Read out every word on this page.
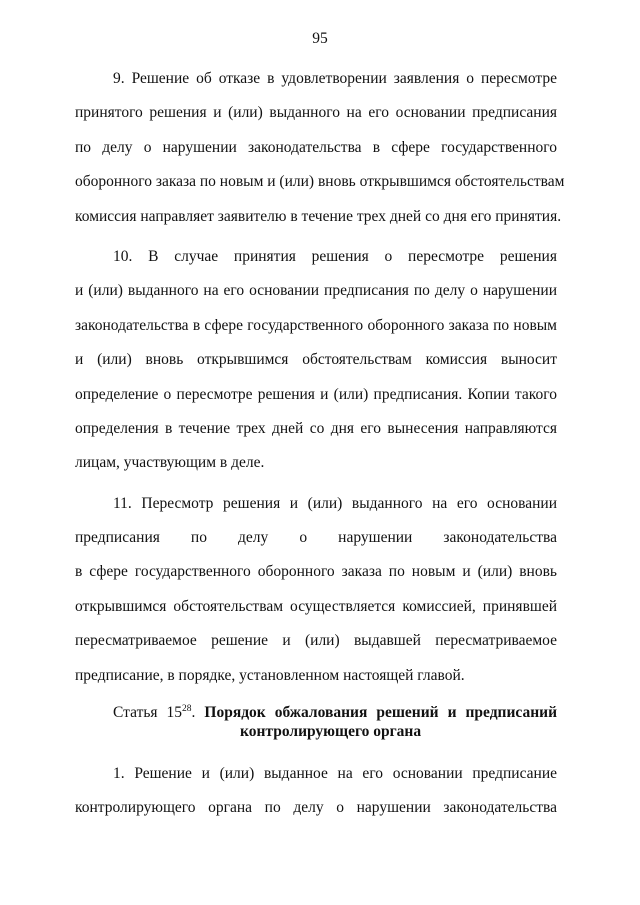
95
9. Решение об отказе в удовлетворении заявления о пересмотре
принятого решения и (или) выданного на его основании предписания
по делу о нарушении законодательства в сфере государственного
оборонного заказа по новым и (или) вновь открывшимся обстоятельствам
комиссия направляет заявителю в течение трех дней со дня его принятия.
10. В случае принятия решения о пересмотре решения
и (или) выданного на его основании предписания по делу о нарушении
законодательства в сфере государственного оборонного заказа по новым
и (или) вновь открывшимся обстоятельствам комиссия выносит
определение о пересмотре решения и (или) предписания. Копии такого
определения в течение трех дней со дня его вынесения направляются
лицам, участвующим в деле.
11. Пересмотр решения и (или) выданного на его основании
предписания по делу о нарушении законодательства
в сфере государственного оборонного заказа по новым и (или) вновь
открывшимся обстоятельствам осуществляется комиссией, принявшей
пересматриваемое решение и (или) выдавшей пересматриваемое
предписание, в порядке, установленном настоящей главой.
Статья $15^{28}$. Порядок обжалования решений и предписаний
контролирующего органа
1. Решение и (или) выданное на его основании предписание
контролирующего органа по делу о нарушении законодательства
